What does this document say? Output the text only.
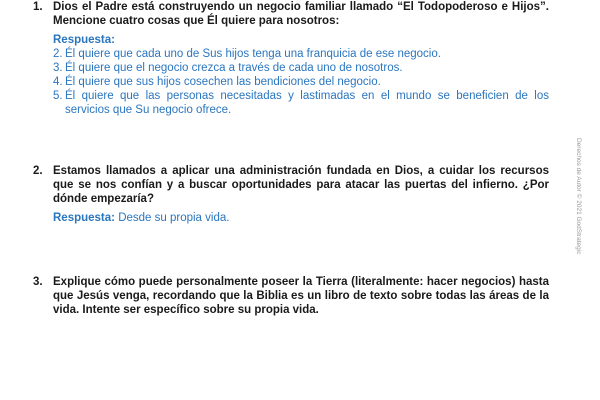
1. Dios el Padre está construyendo un negocio familiar llamado “El Todopoderoso e Hijos”. Mencione cuatro cosas que Él quiere para nosotros:
Respuesta:
2. Él quiere que cada uno de Sus hijos tenga una franquicia de ese negocio.
3. Él quiere que el negocio crezca a través de cada uno de nosotros.
4. Él quiere que sus hijos cosechen las bendiciones del negocio.
5. Él quiere que las personas necesitadas y lastimadas en el mundo se beneficien de los servicios que Su negocio ofrece.
2. Estamos llamados a aplicar una administración fundada en Dios, a cuidar los recursos que se nos confían y a buscar oportunidades para atacar las puertas del infierno. ¿Por dónde empezaría?
Respuesta: Desde su propia vida.
3. Explique cómo puede personalmente poseer la Tierra (literalmente: hacer negocios) hasta que Jesús venga, recordando que la Biblia es un libro de texto sobre todas las áreas de la vida. Intente ser específico sobre su propia vida.
Derechos de Autor © 2021 GodStrategic
